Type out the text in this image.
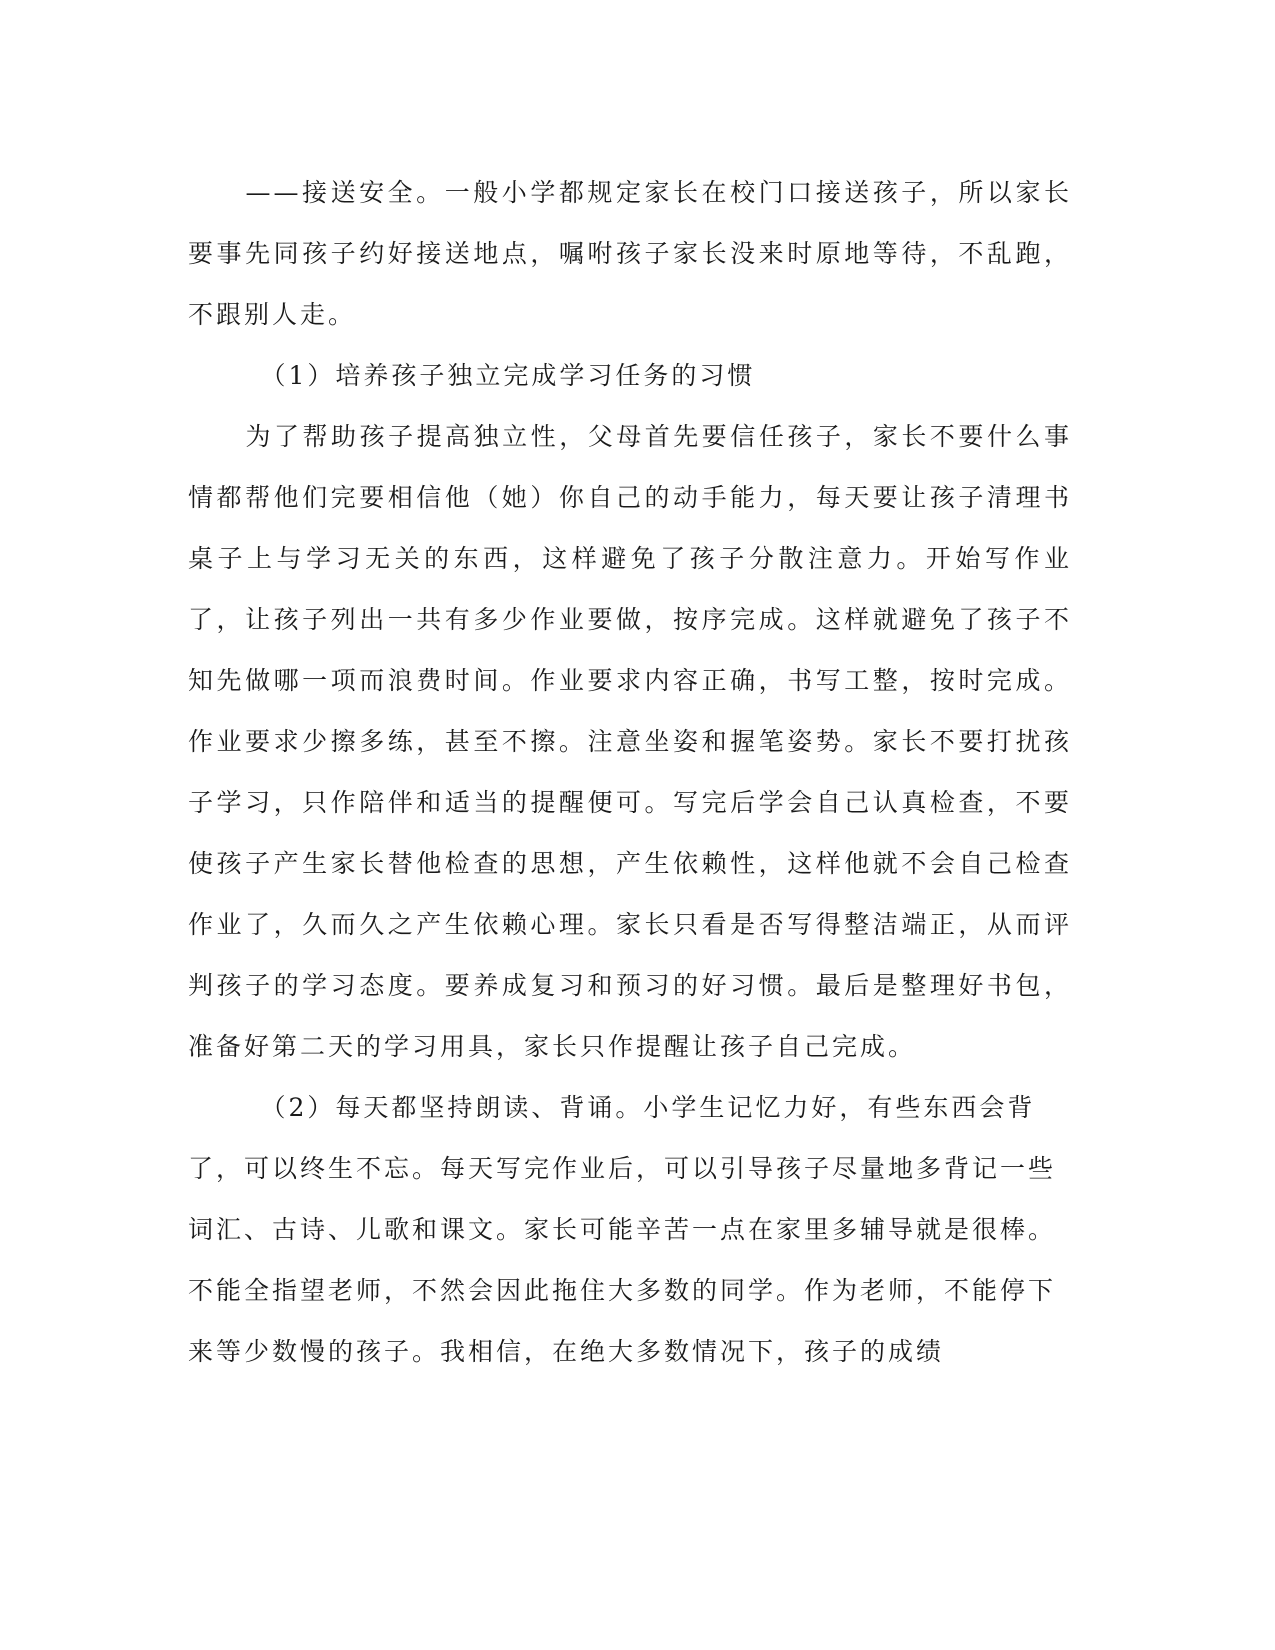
——接送安全。一般小学都规定家长在校门口接送孩子，所以家长要事先同孩子约好接送地点，嘱咐孩子家长没来时原地等待，不乱跑，不跟别人走。

（1）培养孩子独立完成学习任务的习惯

为了帮助孩子提高独立性，父母首先要信任孩子，家长不要什么事情都帮他们完要相信他（她）你自己的动手能力，每天要让孩子清理书桌子上与学习无关的东西，这样避免了孩子分散注意力。开始写作业了，让孩子列出一共有多少作业要做，按序完成。这样就避免了孩子不知先做哪一项而浪费时间。作业要求内容正确，书写工整，按时完成。作业要求少擦多练，甚至不擦。注意坐姿和握笔姿势。家长不要打扰孩子学习，只作陪伴和适当的提醒便可。写完后学会自己认真检查，不要使孩子产生家长替他检查的思想，产生依赖性，这样他就不会自己检查作业了，久而久之产生依赖心理。家长只看是否写得整洁端正，从而评判孩子的学习态度。要养成复习和预习的好习惯。最后是整理好书包，准备好第二天的学习用具，家长只作提醒让孩子自己完成。

（2）每天都坚持朗读、背诵。小学生记忆力好，有些东西会背了，可以终生不忘。每天写完作业后，可以引导孩子尽量地多背记一些词汇、古诗、儿歌和课文。家长可能辛苦一点在家里多辅导就是很棒。不能全指望老师，不然会因此拖住大多数的同学。作为老师，不能停下来等少数慢的孩子。我相信，在绝大多数情况下，孩子的成绩
